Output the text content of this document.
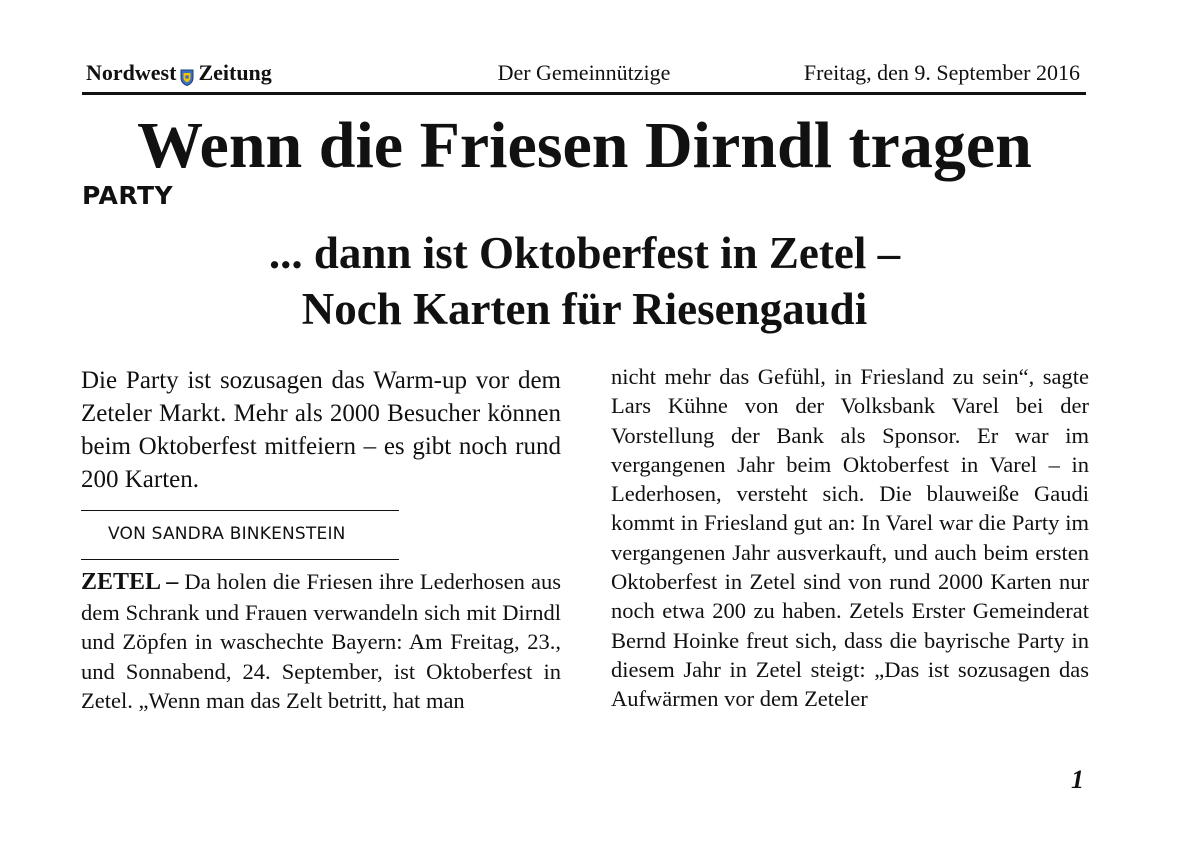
Nordwest Zeitung	Der Gemeinnützige	Freitag, den 9. September 2016
Wenn die Friesen Dirndl tragen
PARTY
... dann ist Oktoberfest in Zetel –
Noch Karten für Riesengaudi

Die Party ist sozusagen das Warm-up vor dem Zeteler Markt. Mehr als 2000 Besucher können beim Oktoberfest mitfeiern – es gibt noch rund 200 Karten.

VON SANDRA BINKENSTEIN

ZETEL – Da holen die Friesen ihre Lederhosen aus dem Schrank und Frauen verwandeln sich mit Dirndl und Zöpfen in waschechte Bayern: Am Freitag, 23., und Sonnabend, 24. September, ist Oktoberfest in Zetel. „Wenn man das Zelt betritt, hat man

nicht mehr das Gefühl, in Friesland zu sein“, sagte Lars Kühne von der Volksbank Varel bei der Vorstellung der Bank als Sponsor. Er war im vergangenen Jahr beim Oktoberfest in Varel – in Lederhosen, versteht sich. Die blauweiße Gaudi kommt in Friesland gut an: In Varel war die Party im vergangenen Jahr ausverkauft, und auch beim ersten Oktoberfest in Zetel sind von rund 2000 Karten nur noch etwa 200 zu haben. Zetels Erster Gemeinderat Bernd Hoinke freut sich, dass die bayrische Party in diesem Jahr in Zetel steigt: „Das ist sozusagen das Aufwärmen vor dem Zeteler

1
